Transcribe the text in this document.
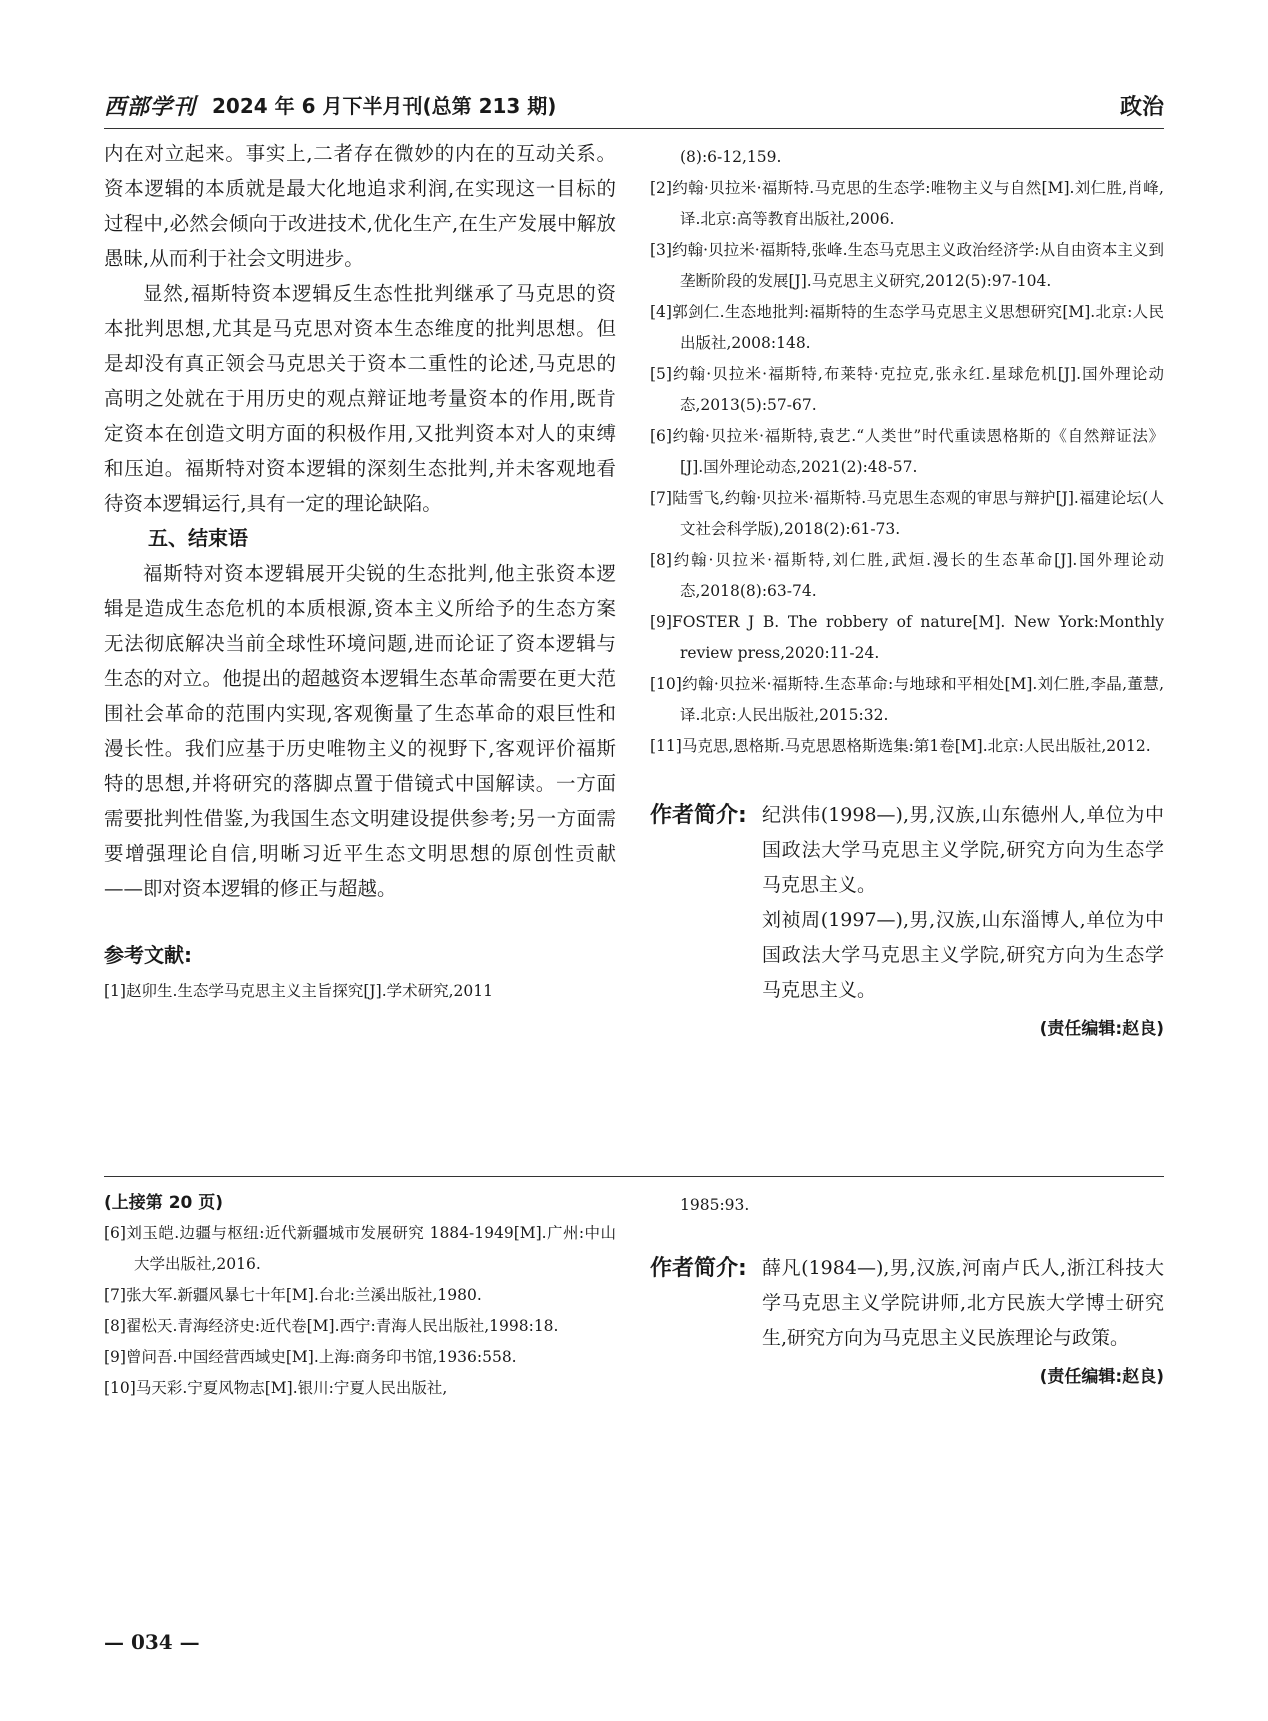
西部学刊 2024 年 6 月下半月刊(总第 213 期)	政治

内在对立起来。事实上,二者存在微妙的内在的互动关系。资本逻辑的本质就是最大化地追求利润,在实现这一目标的过程中,必然会倾向于改进技术,优化生产,在生产发展中解放愚昧,从而利于社会文明进步。

显然,福斯特资本逻辑反生态性批判继承了马克思的资本批判思想,尤其是马克思对资本生态维度的批判思想。但是却没有真正领会马克思关于资本二重性的论述,马克思的高明之处就在于用历史的观点辩证地考量资本的作用,既肯定资本在创造文明方面的积极作用,又批判资本对人的束缚和压迫。福斯特对资本逻辑的深刻生态批判,并未客观地看待资本逻辑运行,具有一定的理论缺陷。

五、结束语

福斯特对资本逻辑展开尖锐的生态批判,他主张资本逻辑是造成生态危机的本质根源,资本主义所给予的生态方案无法彻底解决当前全球性环境问题,进而论证了资本逻辑与生态的对立。他提出的超越资本逻辑生态革命需要在更大范围社会革命的范围内实现,客观衡量了生态革命的艰巨性和漫长性。我们应基于历史唯物主义的视野下,客观评价福斯特的思想,并将研究的落脚点置于借镜式中国解读。一方面需要批判性借鉴,为我国生态文明建设提供参考;另一方面需要增强理论自信,明晰习近平生态文明思想的原创性贡献——即对资本逻辑的修正与超越。

参考文献:

[1]赵卯生.生态学马克思主义主旨探究[J].学术研究,2011

(8):6-12,159.

[2]约翰·贝拉米·福斯特.马克思的生态学:唯物主义与自然[M].刘仁胜,肖峰,译.北京:高等教育出版社,2006.

[3]约翰·贝拉米·福斯特,张峰.生态马克思主义政治经济学:从自由资本主义到垄断阶段的发展[J].马克思主义研究,2012(5):97-104.

[4]郭剑仁.生态地批判:福斯特的生态学马克思主义思想研究[M].北京:人民出版社,2008:148.

[5]约翰·贝拉米·福斯特,布莱特·克拉克,张永红.星球危机[J].国外理论动态,2013(5):57-67.

[6]约翰·贝拉米·福斯特,袁艺.“人类世”时代重读恩格斯的《自然辩证法》[J].国外理论动态,2021(2):48-57.

[7]陆雪飞,约翰·贝拉米·福斯特.马克思生态观的审思与辩护[J].福建论坛(人文社会科学版),2018(2):61-73.

[8]约翰·贝拉米·福斯特,刘仁胜,武烜.漫长的生态革命[J].国外理论动态,2018(8):63-74.

[9]FOSTER J B. The robbery of nature[M]. New York:Monthly review press,2020:11-24.

[10]约翰·贝拉米·福斯特.生态革命:与地球和平相处[M].刘仁胜,李晶,董慧,译.北京:人民出版社,2015:32.

[11]马克思,恩格斯.马克思恩格斯选集:第1卷[M].北京:人民出版社,2012.

作者简介: 纪洪伟(1998—),男,汉族,山东德州人,单位为中国政法大学马克思主义学院,研究方向为生态学马克思主义。
刘祯周(1997—),男,汉族,山东淄博人,单位为中国政法大学马克思主义学院,研究方向为生态学马克思主义。

(责任编辑:赵良)

(上接第 20 页)

[6]刘玉皑.边疆与枢纽:近代新疆城市发展研究 1884-1949[M].广州:中山大学出版社,2016.

[7]张大军.新疆风暴七十年[M].台北:兰溪出版社,1980.

[8]翟松天.青海经济史:近代卷[M].西宁:青海人民出版社,1998:18.

[9]曾问吾.中国经营西域史[M].上海:商务印书馆,1936:558.

[10]马天彩.宁夏风物志[M].银川:宁夏人民出版社,

1985:93.

作者简介: 薛凡(1984—),男,汉族,河南卢氏人,浙江科技大学马克思主义学院讲师,北方民族大学博士研究生,研究方向为马克思主义民族理论与政策。

(责任编辑:赵良)

— 034 —
